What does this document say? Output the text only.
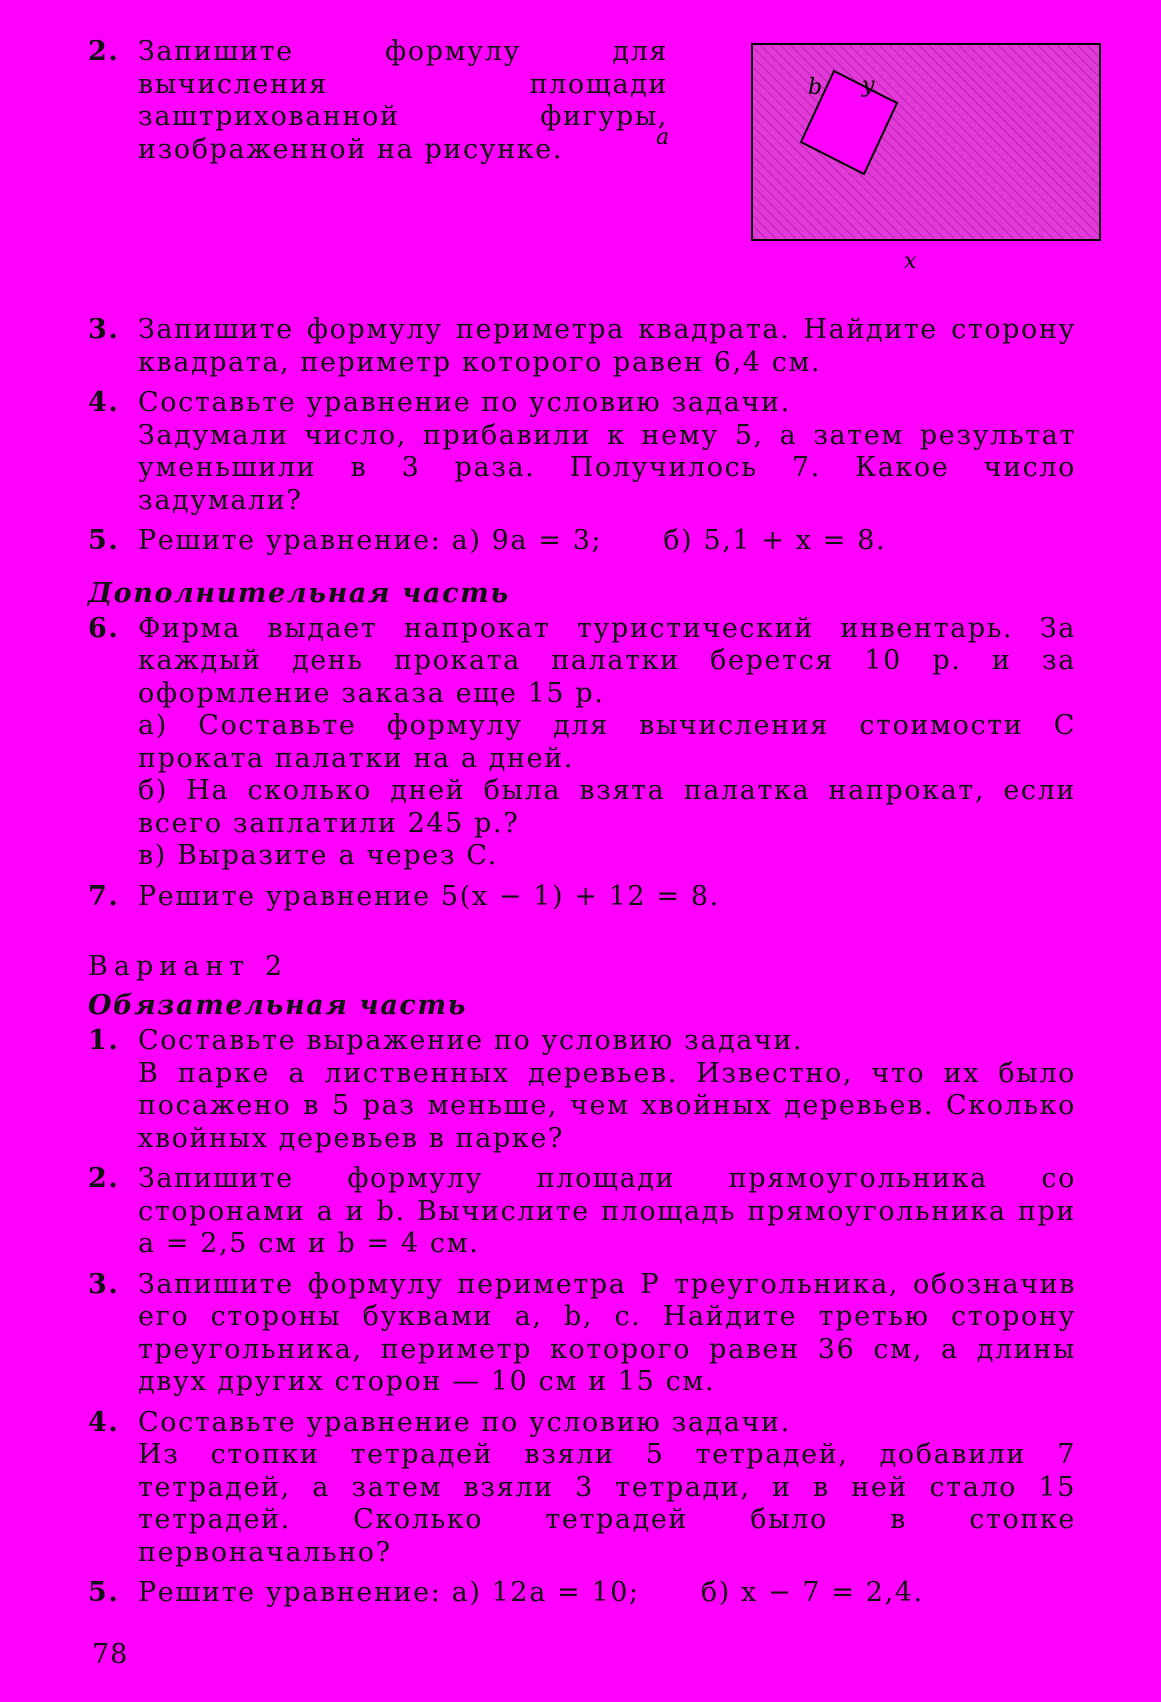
2. Запишите формулу для вычисления площади заштрихованной фигуры, изображенной на рисунке.	a
b y
x
3. Запишите формулу периметра квадрата. Найдите сторону квадрата, периметр которого равен 6,4 см.

4. Составьте уравнение по условию задачи.

Задумали число, прибавили к нему 5, а затем результат уменьшили в 3 раза. Получилось 7. Какое число задумали?

5. Решите уравнение: а) 9a = 3;      б) 5,1 + x = 8.

Дополнительная часть
6. Фирма выдает напрокат туристический инвентарь. За каждый день проката палатки берется 10 р. и за оформление заказа еще 15 р.

а) Составьте формулу для вычисления стоимости C проката палатки на a дней.

б) На сколько дней была взята палатка напрокат, если всего заплатили 245 р.?

в) Выразите a через C.

7. Решите уравнение 5(x − 1) + 12 = 8.

Вариант 2
Обязательная часть
1. Составьте выражение по условию задачи.

В парке a лиственных деревьев. Известно, что их было посажено в 5 раз меньше, чем хвойных деревьев. Сколько хвойных деревьев в парке?

2. Запишите формулу площади прямоугольника со сторонами a и b. Вычислите площадь прямоугольника при a = 2,5 см и b = 4 см.

3. Запишите формулу периметра P треугольника, обозначив его стороны буквами a, b, c. Найдите третью сторону треугольника, периметр которого равен 36 см, а длины двух других сторон — 10 см и 15 см.

4. Составьте уравнение по условию задачи.

Из стопки тетрадей взяли 5 тетрадей, добавили 7 тетрадей, а затем взяли 3 тетради, и в ней стало 15 тетрадей. Сколько тетрадей было в стопке первоначально?

5. Решите уравнение: а) 12a = 10;      б) x − 7 = 2,4.

78
